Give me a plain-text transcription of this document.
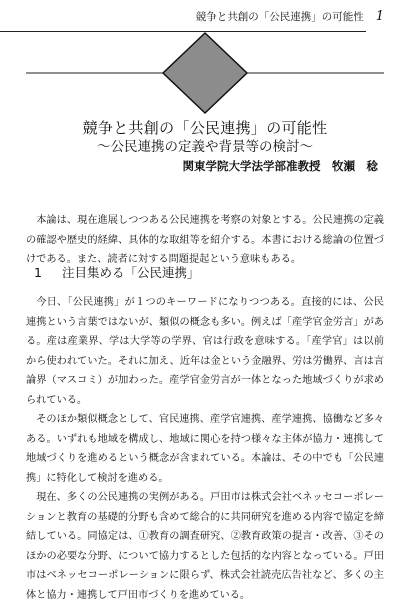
競争と共創の「公民連携」の可能性 1
競争と共創の「公民連携」の可能性
～公民連携の定義や背景等の検討～
関東学院大学法学部准教授　牧瀬　稔

本論は、現在進展しつつある公民連携を考察の対象とする。公民連携の定義の確認や歴史的経緯、具体的な取組等を紹介する。本書における総論の位置づけである。また、読者に対する問題提起という意味もある。

1 注目集める「公民連携」

今日、「公民連携」が１つのキーワードになりつつある。直接的には、公民連携という言葉ではないが、類似の概念も多い。例えば「産学官金労言」がある。産は産業界、学は大学等の学界、官は行政を意味する。「産学官」は以前から使われていた。それに加え、近年は金という金融界、労は労働界、言は言論界（マスコミ）が加わった。産学官金労言が一体となった地域づくりが求められている。

そのほか類似概念として、官民連携、産学官連携、産学連携、協働など多々ある。いずれも地域を構成し、地域に関心を持つ様々な主体が協力・連携して地域づくりを進めるという概念が含まれている。本論は、その中でも「公民連携」に特化して検討を進める。

現在、多くの公民連携の実例がある。戸田市は株式会社ベネッセコーポレーションと教育の基礎的分野も含めて総合的に共同研究を進める内容で協定を締結している。同協定は、①教育の調査研究、②教育政策の提言・改善、③そのほかの必要な分野、について協力するとした包括的な内容となっている。戸田市はベネッセコーポレーションに限らず、株式会社読売広告社など、多くの主体と協力・連携して戸田市づくりを進めている。
